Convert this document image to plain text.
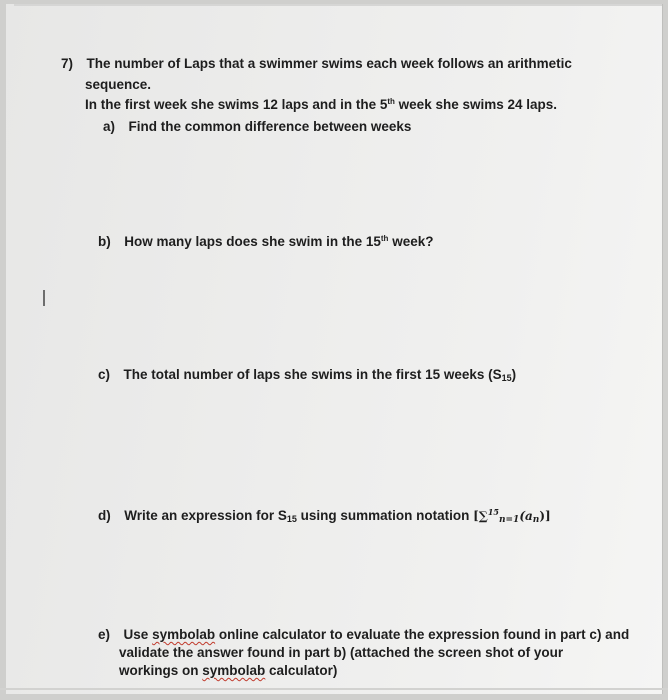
7) The number of Laps that a swimmer swims each week follows an arithmetic
sequence.
In the first week she swims 12 laps and in the 5th week she swims 24 laps.
a) Find the common difference between weeks
b) How many laps does she swim in the 15th week?
c) The total number of laps she swims in the first 15 weeks $(S_{15})$
d) Write an expression for $S_{15}$ using summation notation $[\sum^{15}_{n=1}(a_n)]$
e) Use symbolab online calculator to evaluate the expression found in part c) and
validate the answer found in part b) (attached the screen shot of your
workings on symbolab calculator)
